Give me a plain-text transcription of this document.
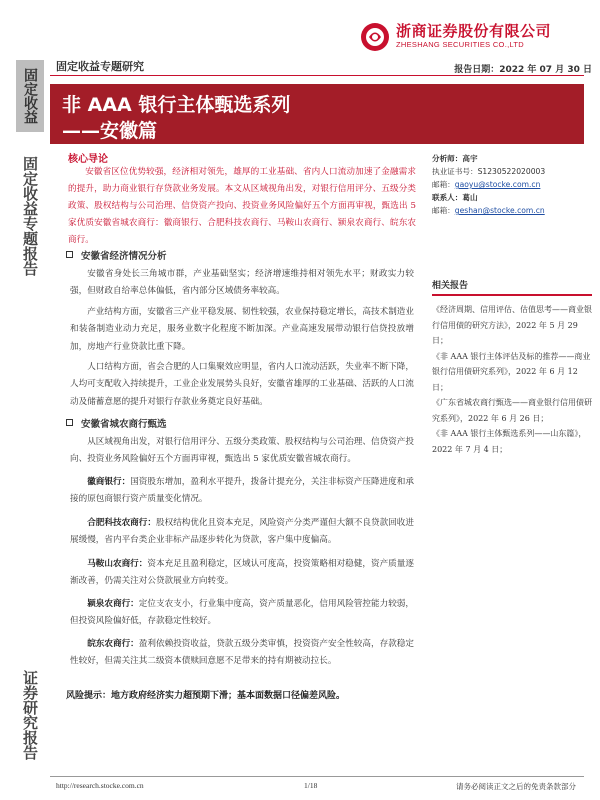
固定收益
固定收益专题报告
证券研究报告
浙商证券股份有限公司
ZHESHANG SECURITIES CO.,LTD
固定收益专题研究	报告日期：2022 年 07 月 30 日
非 AAA 银行主体甄选系列
——安徽篇
核心导论
安徽省区位优势较强，经济相对领先，雄厚的工业基础、省内人口流动加速了金融需求的提升，助力商业银行存贷款业务发展。本文从区域视角出发，对银行信用评分、五级分类政策、股权结构与公司治理、信贷资产投向、投资业务风险偏好五个方面再审视，甄选出 5 家优质安徽省城农商行：徽商银行、合肥科技农商行、马鞍山农商行、颍泉农商行、皖东农商行。
安徽省经济情况分析
安徽省身处长三角城市群，产业基础坚实；经济增速维持相对领先水平；财政实力较强，但财政自给率总体偏低，省内部分区域债务率较高。
产业结构方面，安徽省三产业平稳发展、韧性较强，农业保持稳定增长，高技术制造业和装备制造业动力充足，服务业数字化程度不断加深。产业高速发展带动银行信贷投放增加，房地产行业贷款比重下降。
人口结构方面，省会合肥的人口集聚效应明显，省内人口流动活跃，失业率不断下降，人均可支配收入持续提升，工业企业发展势头良好，安徽省雄厚的工业基础、活跃的人口流动及储蓄意愿的提升对银行存款业务奠定良好基础。
安徽省城农商行甄选
从区域视角出发，对银行信用评分、五级分类政策、股权结构与公司治理、信贷资产投向、投资业务风险偏好五个方面再审视，甄选出 5 家优质安徽省城农商行。
徽商银行：国资股东增加，盈利水平提升，拨备计提充分，关注非标资产压降进度和承接的原包商银行资产质量变化情况。
合肥科技农商行：股权结构优化且资本充足，风险资产分类严谨但大额不良贷款回收进展缓慢，省内平台类企业非标产品逐步转化为贷款，客户集中度偏高。
马鞍山农商行：资本充足且盈利稳定，区域认可度高，投资策略相对稳健，资产质量逐渐改善，仍需关注对公贷款展业方向转变。
颍泉农商行：定位支农支小，行业集中度高，资产质量恶化，信用风险管控能力较弱，但投资风险偏好低，存款稳定性较好。
皖东农商行：盈利依赖投资收益，贷款五级分类审慎，投资资产安全性较高，存款稳定性较好，但需关注其二级资本债赎回意愿不足带来的持有期被动拉长。
分析师：高宇
执业证书号：S1230522020003
邮箱：gaoyu@stocke.com.cn
联系人：葛山
邮箱：geshan@stocke.com.cn
相关报告
《经济周期、信用评估、估值思考——商业银行信用债的研究方法》，2022 年 5 月 29 日；
《非 AAA 银行主体评估及标的推荐——商业银行信用债研究系列》，2022 年 6 月 12 日；
《广东省城农商行甄选——商业银行信用债研究系列》，2022 年 6 月 26 日；
《非 AAA 银行主体甄选系列——山东篇》，2022 年 7 月 4 日；
风险提示：地方政府经济实力超预期下滑；基本面数据口径偏差风险。
http://research.stocke.com.cn	1/18	请务必阅读正文之后的免责条款部分
